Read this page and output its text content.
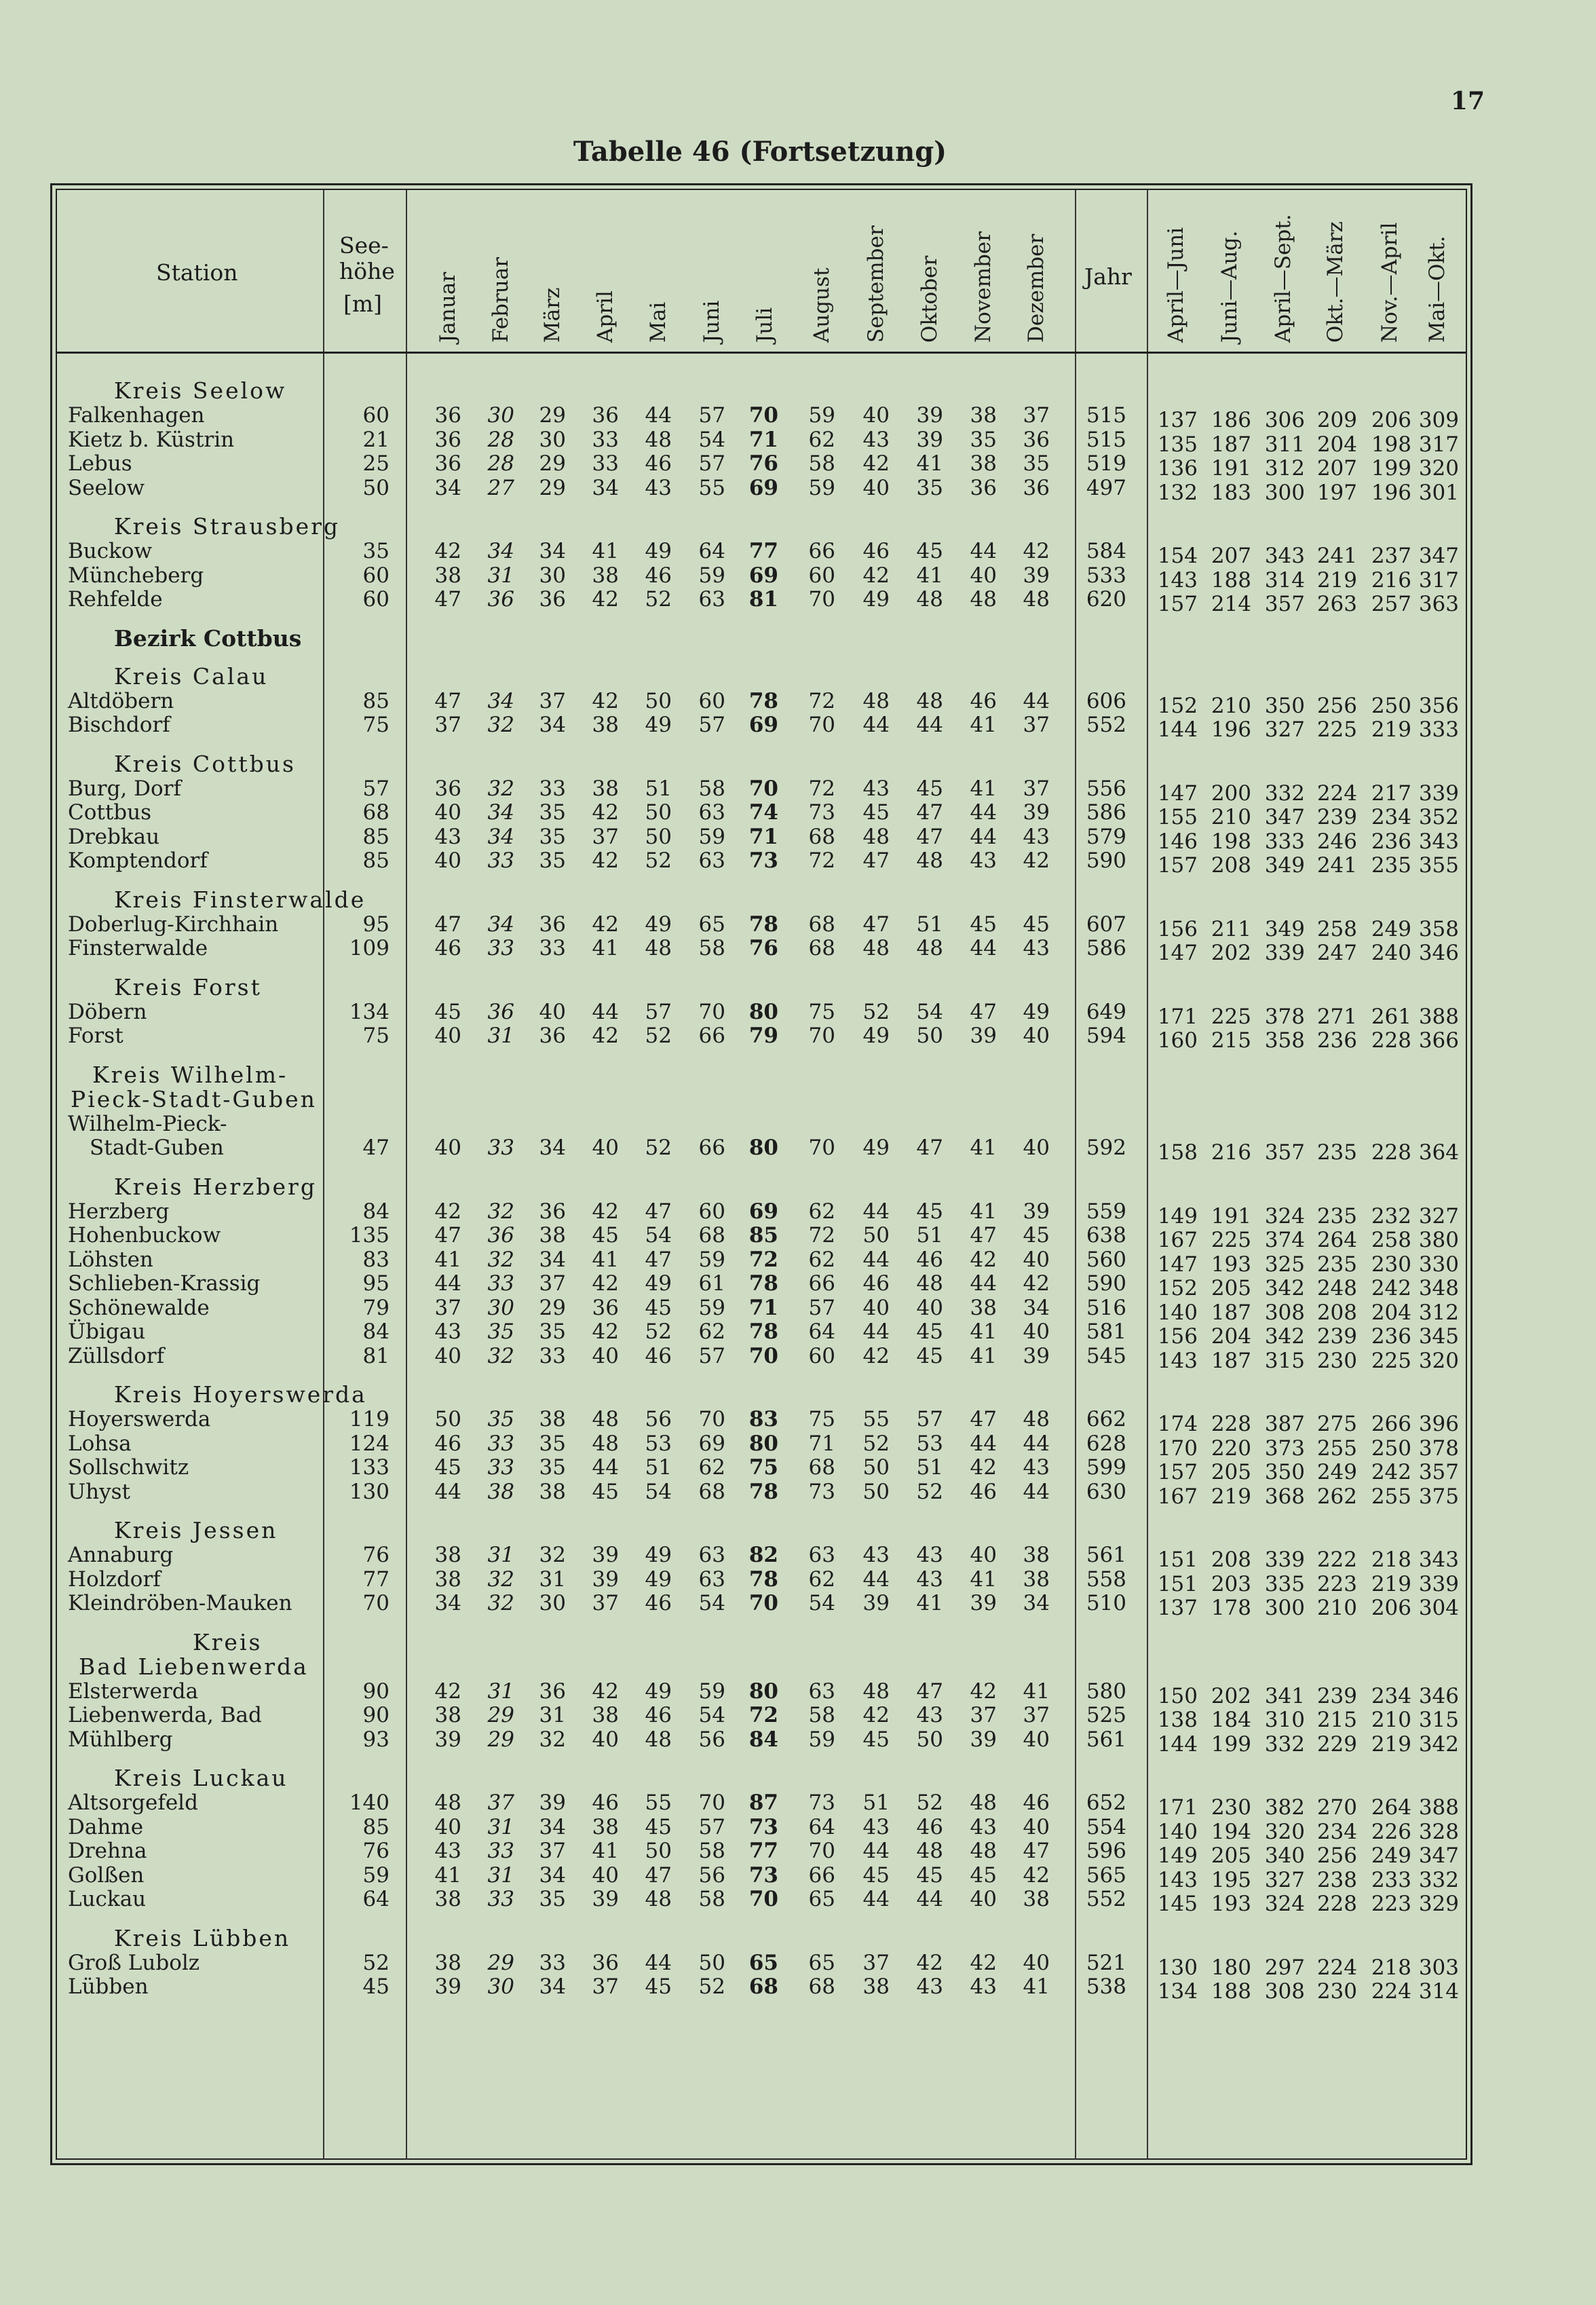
17
Tabelle 46 (Fortsetzung)
Station
See-
höhe
[m]
Jahr
Januar Februar März April Mai Juni Juli August September Oktober November Dezember	April—Juni Juni—Aug. April—Sept. Okt.—März Nov.—April Mai—Okt.
Kreis Seelow
Falkenhagen	60	36	30	29	36	44	57	70	59	40	39	38	37	515	137 186 306 209 206 309
Kietz b. Küstrin	21	36	28	30	33	48	54	71	62	43	39	35	36	515	135 187 311 204 198 317
Lebus	25	36	28	29	33	46	57	76	58	42	41	38	35	519	136 191 312 207 199 320
Seelow	50	34	27	29	34	43	55	69	59	40	35	36	36	497	132 183 300 197 196 301
Kreis Strausberg
Buckow	35	42	34	34	41	49	64	77	66	46	45	44	42	584	154 207 343 241 237 347
Müncheberg	60	38	31	30	38	46	59	69	60	42	41	40	39	533	143 188 314 219 216 317
Rehfelde	60	47	36	36	42	52	63	81	70	49	48	48	48	620	157 214 357 263 257 363
Bezirk Cottbus
Kreis Calau
Altdöbern	85	47	34	37	42	50	60	78	72	48	48	46	44	606	152 210 350 256 250 356
Bischdorf	75	37	32	34	38	49	57	69	70	44	44	41	37	552	144 196 327 225 219 333
Kreis Cottbus
Burg, Dorf	57	36	32	33	38	51	58	70	72	43	45	41	37	556	147 200 332 224 217 339
Cottbus	68	40	34	35	42	50	63	74	73	45	47	44	39	586	155 210 347 239 234 352
Drebkau	85	43	34	35	37	50	59	71	68	48	47	44	43	579	146 198 333 246 236 343
Komptendorf	85	40	33	35	42	52	63	73	72	47	48	43	42	590	157 208 349 241 235 355
Kreis Finsterwalde
Doberlug-Kirchhain	95	47	34	36	42	49	65	78	68	47	51	45	45	607	156 211 349 258 249 358
Finsterwalde	109	46	33	33	41	48	58	76	68	48	48	44	43	586	147 202 339 247 240 346
Kreis Forst
Döbern	134	45	36	40	44	57	70	80	75	52	54	47	49	649	171 225 378 271 261 388
Forst	75	40	31	36	42	52	66	79	70	49	50	39	40	594	160 215 358 236 228 366
Kreis Wilhelm-
Pieck-Stadt-Guben
Wilhelm-Pieck-
Stadt-Guben	47	40	33	34	40	52	66	80	70	49	47	41	40	592	158 216 357 235 228 364
Kreis Herzberg
Herzberg	84	42	32	36	42	47	60	69	62	44	45	41	39	559	149 191 324 235 232 327
Hohenbuckow	135	47	36	38	45	54	68	85	72	50	51	47	45	638	167 225 374 264 258 380
Löhsten	83	41	32	34	41	47	59	72	62	44	46	42	40	560	147 193 325 235 230 330
Schlieben-Krassig	95	44	33	37	42	49	61	78	66	46	48	44	42	590	152 205 342 248 242 348
Schönewalde	79	37	30	29	36	45	59	71	57	40	40	38	34	516	140 187 308 208 204 312
Übigau	84	43	35	35	42	52	62	78	64	44	45	41	40	581	156 204 342 239 236 345
Züllsdorf	81	40	32	33	40	46	57	70	60	42	45	41	39	545	143 187 315 230 225 320
Kreis Hoyerswerda
Hoyerswerda	119	50	35	38	48	56	70	83	75	55	57	47	48	662	174 228 387 275 266 396
Lohsa	124	46	33	35	48	53	69	80	71	52	53	44	44	628	170 220 373 255 250 378
Sollschwitz	133	45	33	35	44	51	62	75	68	50	51	42	43	599	157 205 350 249 242 357
Uhyst	130	44	38	38	45	54	68	78	73	50	52	46	44	630	167 219 368 262 255 375
Kreis Jessen
Annaburg	76	38	31	32	39	49	63	82	63	43	43	40	38	561	151 208 339 222 218 343
Holzdorf	77	38	32	31	39	49	63	78	62	44	43	41	38	558	151 203 335 223 219 339
Kleindröben-Mauken	70	34	32	30	37	46	54	70	54	39	41	39	34	510	137 178 300 210 206 304
Kreis
Bad Liebenwerda
Elsterwerda	90	42	31	36	42	49	59	80	63	48	47	42	41	580	150 202 341 239 234 346
Liebenwerda, Bad	90	38	29	31	38	46	54	72	58	42	43	37	37	525	138 184 310 215 210 315
Mühlberg	93	39	29	32	40	48	56	84	59	45	50	39	40	561	144 199 332 229 219 342
Kreis Luckau
Altsorgefeld	140	48	37	39	46	55	70	87	73	51	52	48	46	652	171 230 382 270 264 388
Dahme	85	40	31	34	38	45	57	73	64	43	46	43	40	554	140 194 320 234 226 328
Drehna	76	43	33	37	41	50	58	77	70	44	48	48	47	596	149 205 340 256 249 347
Golßen	59	41	31	34	40	47	56	73	66	45	45	45	42	565	143 195 327 238 233 332
Luckau	64	38	33	35	39	48	58	70	65	44	44	40	38	552	145 193 324 228 223 329
Kreis Lübben
Groß Lubolz	52	38	29	33	36	44	50	65	65	37	42	42	40	521	130 180 297 224 218 303
Lübben	45	39	30	34	37	45	52	68	68	38	43	43	41	538	134 188 308 230 224 314
